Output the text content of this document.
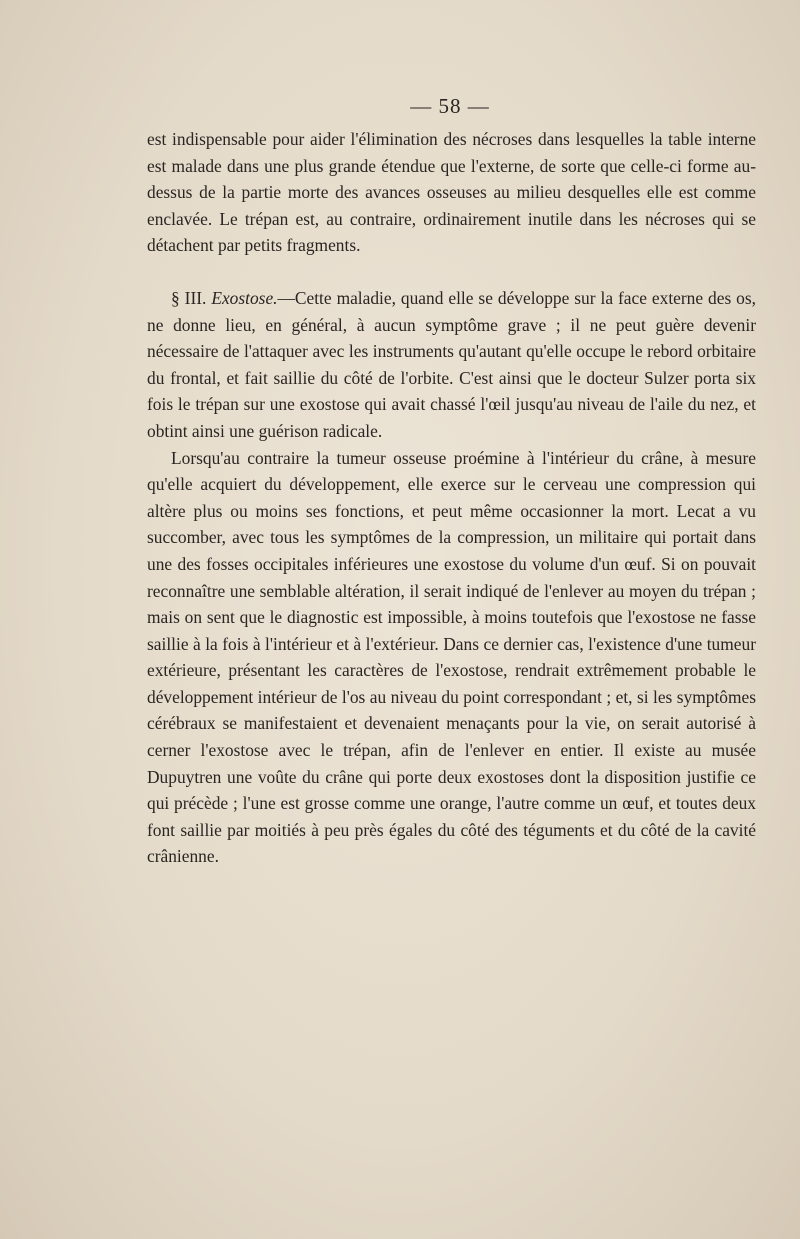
— 58 —

est indispensable pour aider l'élimination des nécroses dans lesquelles la table interne est malade dans une plus grande étendue que l'externe, de sorte que celle-ci forme au-dessus de la partie morte des avances osseuses au milieu desquelles elle est comme enclavée. Le trépan est, au contraire, ordinairement inutile dans les nécroses qui se détachent par petits fragments.

§ III. Exostose.—Cette maladie, quand elle se développe sur la face externe des os, ne donne lieu, en général, à aucun symptôme grave ; il ne peut guère devenir nécessaire de l'attaquer avec les instruments qu'autant qu'elle occupe le rebord orbitaire du frontal, et fait saillie du côté de l'orbite. C'est ainsi que le docteur Sulzer porta six fois le trépan sur une exostose qui avait chassé l'œil jusqu'au niveau de l'aile du nez, et obtint ainsi une guérison radicale.

Lorsqu'au contraire la tumeur osseuse proémine à l'intérieur du crâne, à mesure qu'elle acquiert du développement, elle exerce sur le cerveau une compression qui altère plus ou moins ses fonctions, et peut même occasionner la mort. Lecat a vu succomber, avec tous les symptômes de la compression, un militaire qui portait dans une des fosses occipitales inférieures une exostose du volume d'un œuf. Si on pouvait reconnaître une semblable altération, il serait indiqué de l'enlever au moyen du trépan ; mais on sent que le diagnostic est impossible, à moins toutefois que l'exostose ne fasse saillie à la fois à l'intérieur et à l'extérieur. Dans ce dernier cas, l'existence d'une tumeur extérieure, présentant les caractères de l'exostose, rendrait extrêmement probable le développement intérieur de l'os au niveau du point correspondant ; et, si les symptômes cérébraux se manifestaient et devenaient menaçants pour la vie, on serait autorisé à cerner l'exostose avec le trépan, afin de l'enlever en entier. Il existe au musée Dupuytren une voûte du crâne qui porte deux exostoses dont la disposition justifie ce qui précède ; l'une est grosse comme une orange, l'autre comme un œuf, et toutes deux font saillie par moitiés à peu près égales du côté des téguments et du côté de la cavité crânienne.
